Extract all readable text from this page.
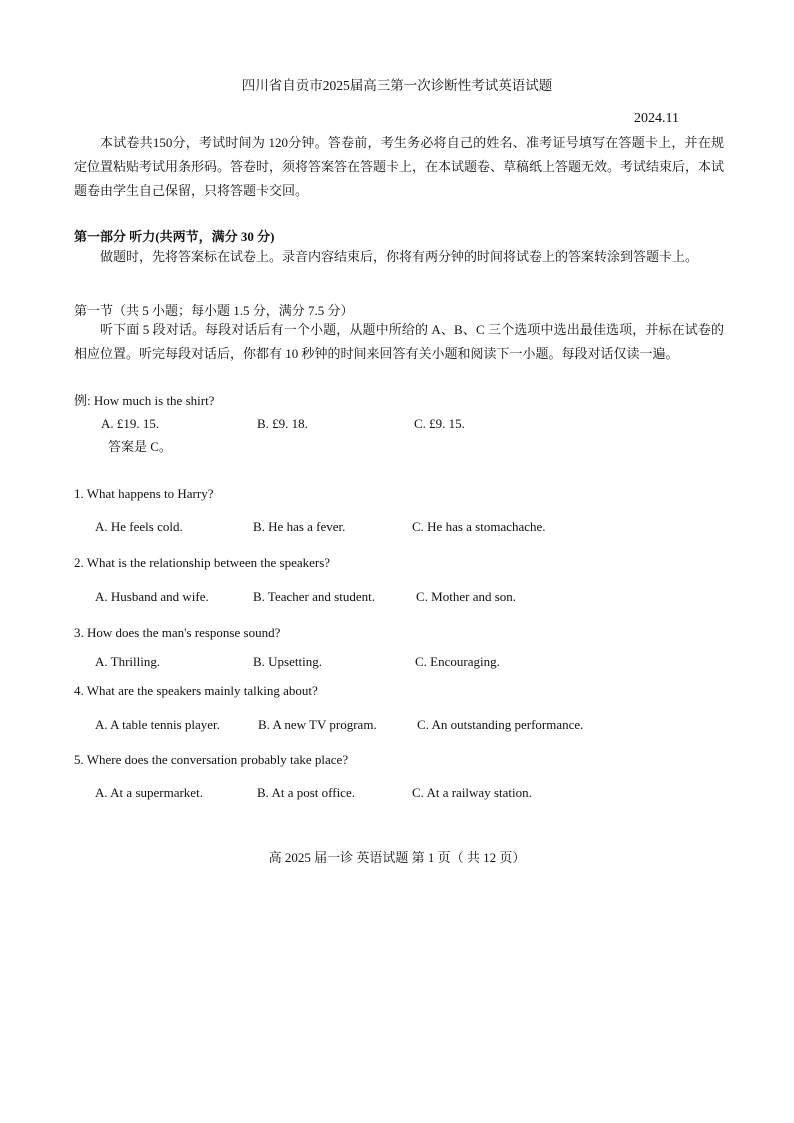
四川省自贡市2025届高三第一次诊断性考试英语试题
2024.11
本试卷共150分，考试时间为 120分钟。答卷前，考生务必将自己的姓名、准考证号填写在答题卡上，并在规定位置粘贴考试用条形码。答卷时，须将答案答在答题卡上，在本试题卷、草稿纸上答题无效。考试结束后，本试题卷由学生自己保留，只将答题卡交回。
第一部分 听力(共两节，满分 30 分)
做题时，先将答案标在试卷上。录音内容结束后，你将有两分钟的时间将试卷上的答案转涂到答题卡上。
第一节（共 5 小题；每小题 1.5 分，满分 7.5 分）
听下面 5 段对话。每段对话后有一个小题，从题中所给的 A、B、C 三个选项中选出最佳选项，并标在试卷的相应位置。听完每段对话后，你都有 10 秒钟的时间来回答有关小题和阅读下一小题。每段对话仅读一遍。
例: How much is the shirt?
A. £19. 15.	B. £9. 18.	C. £9. 15.
答案是 C。
1. What happens to Harry?
A. He feels cold.	B. He has a fever.	C. He has a stomachache.
2. What is the relationship between the speakers?
A. Husband and wife.	B. Teacher and student.	C. Mother and son.
3. How does the man's response sound?
A. Thrilling.	B. Upsetting.	C. Encouraging.
4. What are the speakers mainly talking about?
A. A table tennis player.	B. A new TV program.	C. An outstanding performance.
5. Where does the conversation probably take place?
A. At a supermarket.	B. At a post office.	C. At a railway station.
高 2025 届一诊 英语试题 第 1 页（ 共 12 页）
